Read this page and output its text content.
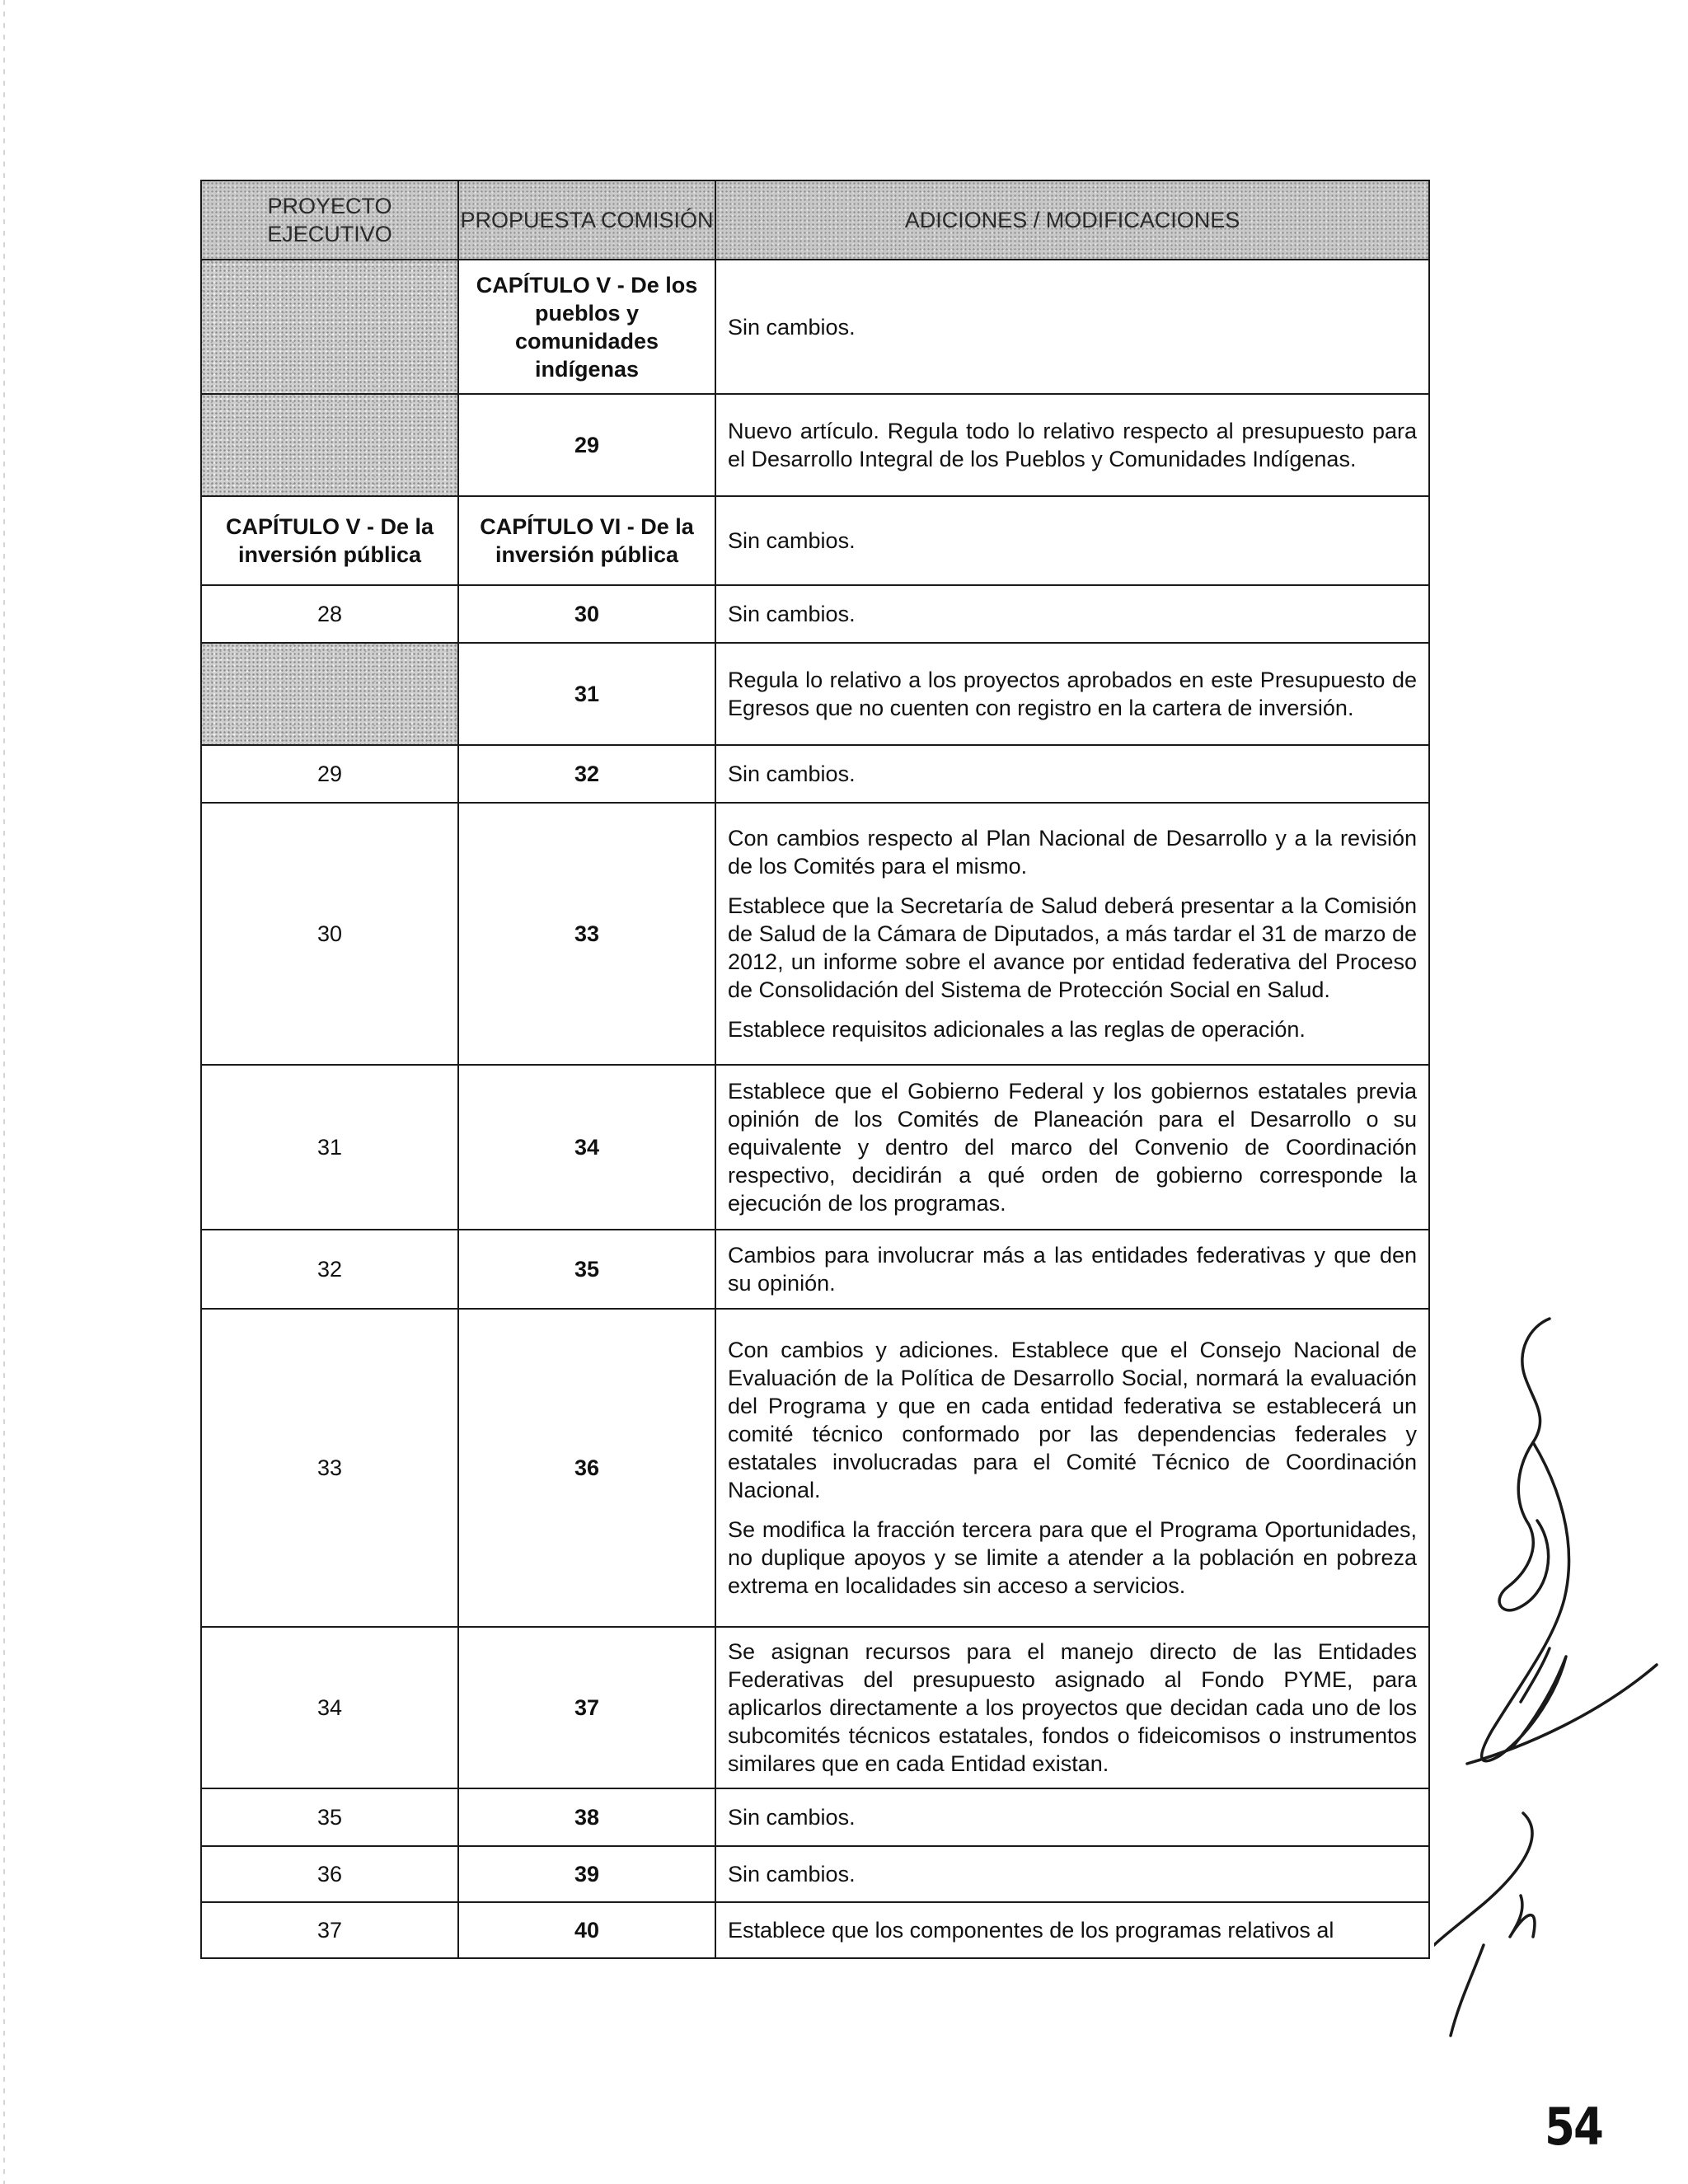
PROYECTO EJECUTIVO	PROPUESTA COMISIÓN	ADICIONES / MODIFICACIONES
	CAPÍTULO V - De los pueblos y comunidades indígenas	Sin cambios.

	29	Nuevo artículo. Regula todo lo relativo respecto al presupuesto para el Desarrollo Integral de los Pueblos y Comunidades Indígenas.

CAPÍTULO V - De la inversión pública	CAPÍTULO VI - De la inversión pública	Sin cambios.

28	30	Sin cambios.

	31	Regula lo relativo a los proyectos aprobados en este Presupuesto de Egresos que no cuenten con registro en la cartera de inversión.

29	32	Sin cambios.

30	33	Con cambios respecto al Plan Nacional de Desarrollo y a la revisión de los Comités para el mismo.

Establece que la Secretaría de Salud deberá presentar a la Comisión de Salud de la Cámara de Diputados, a más tardar el 31 de marzo de 2012, un informe sobre el avance por entidad federativa del Proceso de Consolidación del Sistema de Protección Social en Salud.

Establece requisitos adicionales a las reglas de operación.

31	34	Establece que el Gobierno Federal y los gobiernos estatales previa opinión de los Comités de Planeación para el Desarrollo o su equivalente y dentro del marco del Convenio de Coordinación respectivo, decidirán a qué orden de gobierno corresponde la ejecución de los programas.

32	35	Cambios para involucrar más a las entidades federativas y que den su opinión.

33	36	Con cambios y adiciones. Establece que el Consejo Nacional de Evaluación de la Política de Desarrollo Social, normará la evaluación del Programa y que en cada entidad federativa se establecerá un comité técnico conformado por las dependencias federales y estatales involucradas para el Comité Técnico de Coordinación Nacional.

Se modifica la fracción tercera para que el Programa Oportunidades, no duplique apoyos y se limite a atender a la población en pobreza extrema en localidades sin acceso a servicios.

34	37	Se asignan recursos para el manejo directo de las Entidades Federativas del presupuesto asignado al Fondo PYME, para aplicarlos directamente a los proyectos que decidan cada uno de los subcomités técnicos estatales, fondos o fideicomisos o instrumentos similares que en cada Entidad existan.

35	38	Sin cambios.

36	39	Sin cambios.

37	40	Establece que los componentes de los programas relativos al

54
